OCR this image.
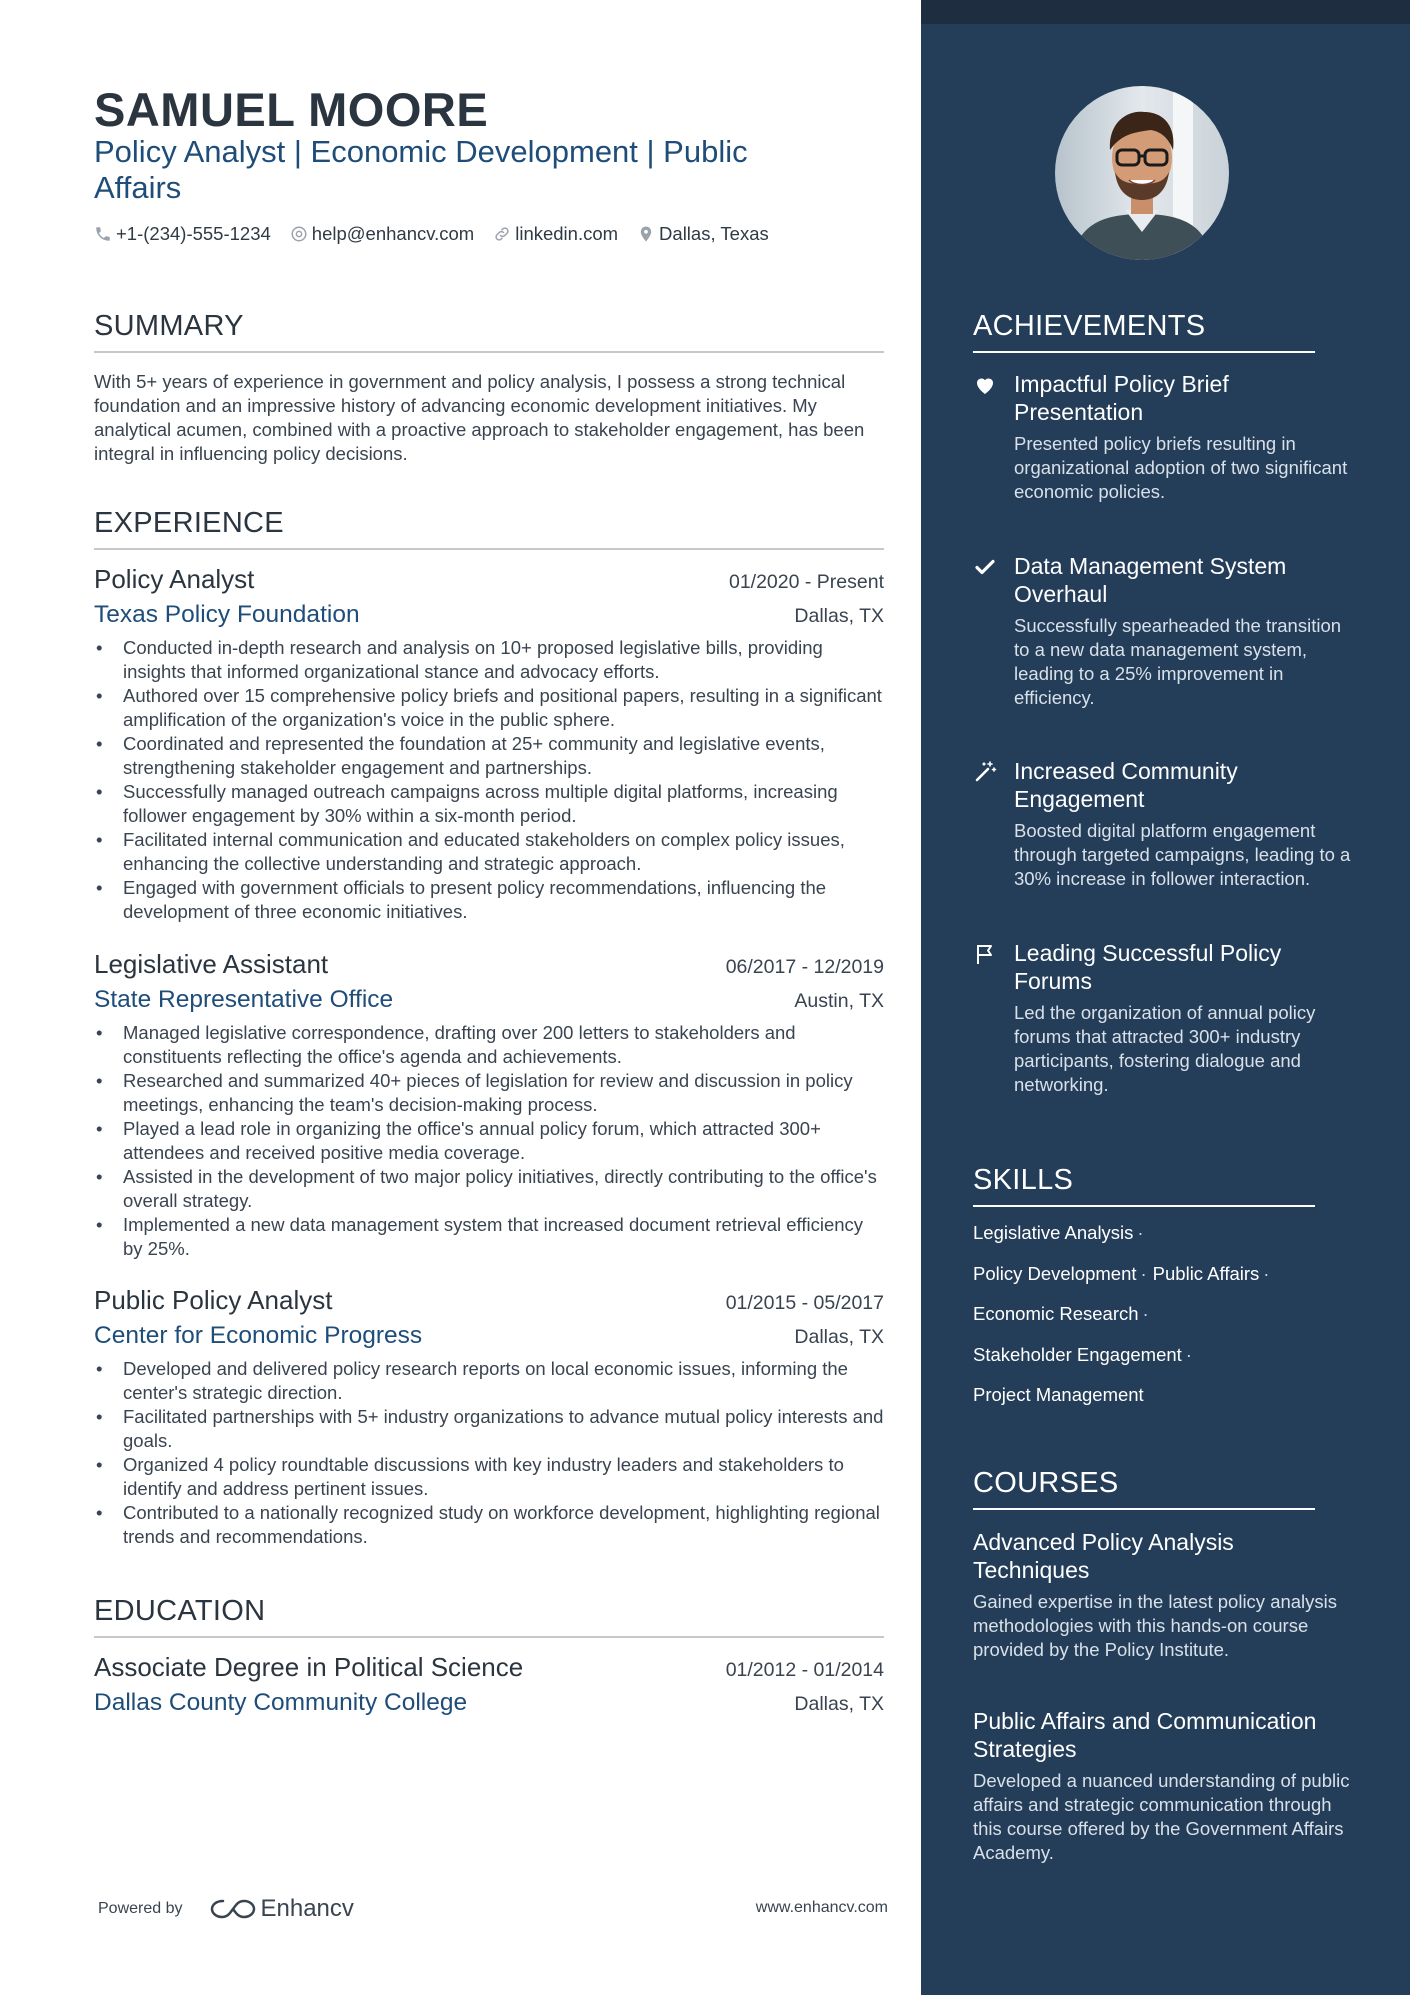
SAMUEL MOORE
Policy Analyst | Economic Development | Public Affairs
+1-(234)-555-1234 help@enhancv.com linkedin.com Dallas, Texas
SUMMARY

With 5+ years of experience in government and policy analysis, I possess a strong technical foundation and an impressive history of advancing economic development initiatives. My analytical acumen, combined with a proactive approach to stakeholder engagement, has been integral in influencing policy decisions.

EXPERIENCE
Policy Analyst	01/2020 - Present
Texas Policy Foundation	Dallas, TX
• Conducted in-depth research and analysis on 10+ proposed legislative bills, providing insights that informed organizational stance and advocacy efforts.
• Authored over 15 comprehensive policy briefs and positional papers, resulting in a significant amplification of the organization's voice in the public sphere.
• Coordinated and represented the foundation at 25+ community and legislative events, strengthening stakeholder engagement and partnerships.
• Successfully managed outreach campaigns across multiple digital platforms, increasing follower engagement by 30% within a six-month period.
• Facilitated internal communication and educated stakeholders on complex policy issues, enhancing the collective understanding and strategic approach.
• Engaged with government officials to present policy recommendations, influencing the development of three economic initiatives.
Legislative Assistant	06/2017 - 12/2019
State Representative Office	Austin, TX
• Managed legislative correspondence, drafting over 200 letters to stakeholders and constituents reflecting the office's agenda and achievements.
• Researched and summarized 40+ pieces of legislation for review and discussion in policy meetings, enhancing the team's decision-making process.
• Played a lead role in organizing the office's annual policy forum, which attracted 300+ attendees and received positive media coverage.
• Assisted in the development of two major policy initiatives, directly contributing to the office's overall strategy.
• Implemented a new data management system that increased document retrieval efficiency by 25%.
Public Policy Analyst	01/2015 - 05/2017
Center for Economic Progress	Dallas, TX
• Developed and delivered policy research reports on local economic issues, informing the center's strategic direction.
• Facilitated partnerships with 5+ industry organizations to advance mutual policy interests and goals.
• Organized 4 policy roundtable discussions with key industry leaders and stakeholders to identify and address pertinent issues.
• Contributed to a nationally recognized study on workforce development, highlighting regional trends and recommendations.
EDUCATION
Associate Degree in Political Science	01/2012 - 01/2014
Dallas County Community College	Dallas, TX
Powered by	Enhancv	www.enhancv.com
ACHIEVEMENTS
Impactful Policy Brief Presentation

Presented policy briefs resulting in organizational adoption of two significant economic policies.

Data Management System Overhaul

Successfully spearheaded the transition to a new data management system, leading to a 25% improvement in efficiency.

Increased Community Engagement

Boosted digital platform engagement through targeted campaigns, leading to a 30% increase in follower interaction.

Leading Successful Policy Forums

Led the organization of annual policy forums that attracted 300+ industry participants, fostering dialogue and networking.

SKILLS
Legislative Analysis ·
Policy Development · Public Affairs ·
Economic Research ·
Stakeholder Engagement ·
Project Management
COURSES
Advanced Policy Analysis Techniques

Gained expertise in the latest policy analysis methodologies with this hands-on course provided by the Policy Institute.

Public Affairs and Communication Strategies

Developed a nuanced understanding of public affairs and strategic communication through this course offered by the Government Affairs Academy.
